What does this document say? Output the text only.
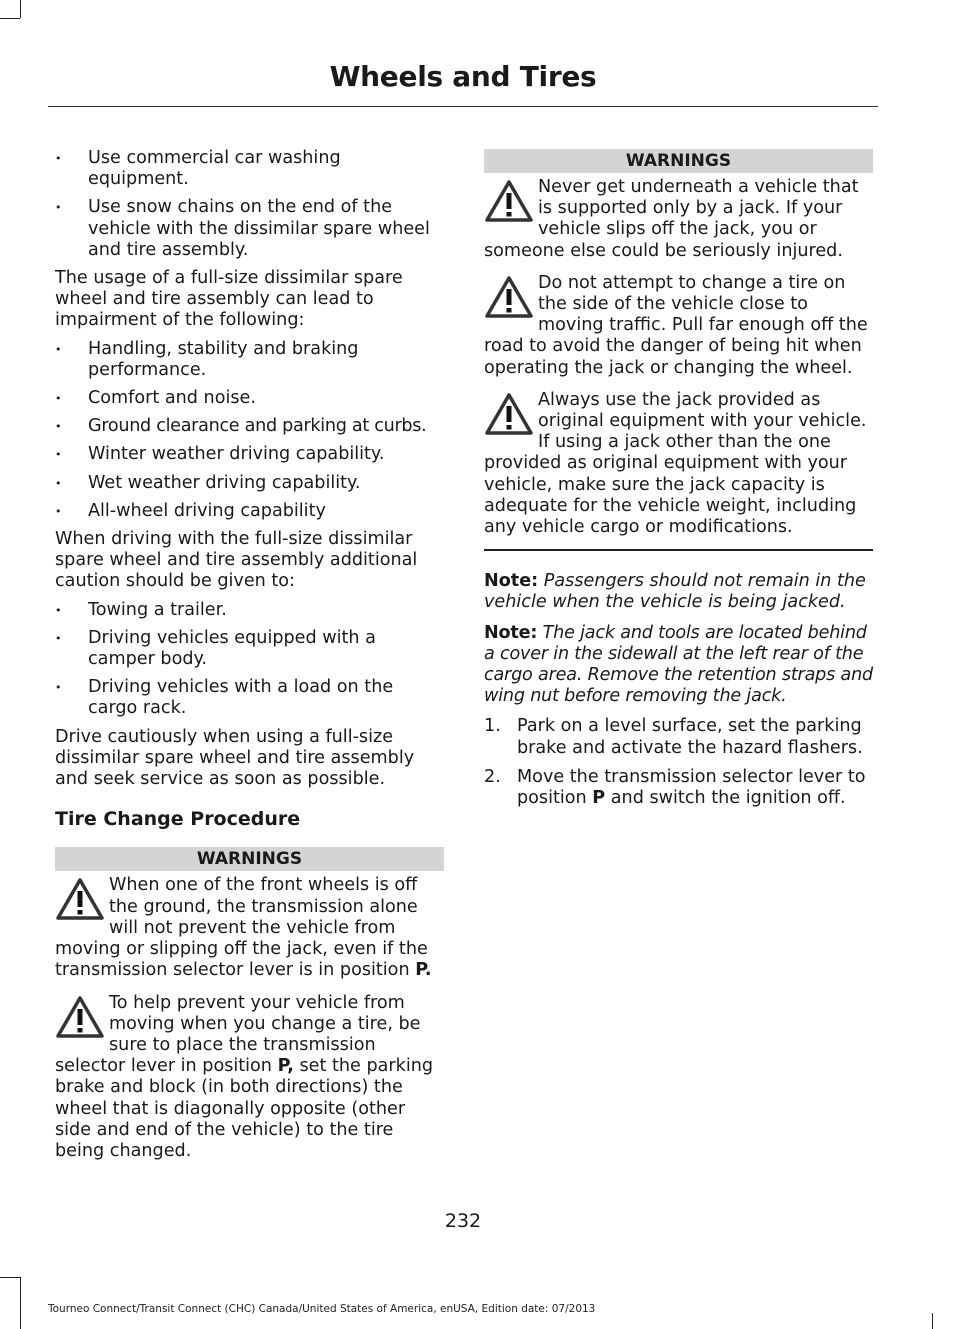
Wheels and Tires
• Use commercial car washing equipment.
• Use snow chains on the end of the vehicle with the dissimilar spare wheel and tire assembly.

The usage of a full-size dissimilar spare wheel and tire assembly can lead to impairment of the following:

• Handling, stability and braking performance.
• Comfort and noise.
• Ground clearance and parking at curbs.
• Winter weather driving capability.
• Wet weather driving capability.
• All-wheel driving capability

When driving with the full-size dissimilar spare wheel and tire assembly additional caution should be given to:

• Towing a trailer.
• Driving vehicles equipped with a camper body.
• Driving vehicles with a load on the cargo rack.

Drive cautiously when using a full-size dissimilar spare wheel and tire assembly and seek service as soon as possible.

Tire Change Procedure
WARNINGS
When one of the front wheels is off the ground, the transmission alone will not prevent the vehicle from moving or slipping off the jack, even if the transmission selector lever is in position P.
To help prevent your vehicle from moving when you change a tire, be sure to place the transmission selector lever in position P, set the parking brake and block (in both directions) the wheel that is diagonally opposite (other side and end of the vehicle) to the tire being changed.
WARNINGS
Never get underneath a vehicle that is supported only by a jack. If your vehicle slips off the jack, you or someone else could be seriously injured.
Do not attempt to change a tire on the side of the vehicle close to moving traffic. Pull far enough off the road to avoid the danger of being hit when operating the jack or changing the wheel.
Always use the jack provided as original equipment with your vehicle. If using a jack other than the one provided as original equipment with your vehicle, make sure the jack capacity is adequate for the vehicle weight, including any vehicle cargo or modifications.

Note: Passengers should not remain in the vehicle when the vehicle is being jacked.

Note: The jack and tools are located behind a cover in the sidewall at the left rear of the cargo area. Remove the retention straps and wing nut before removing the jack.

1. Park on a level surface, set the parking brake and activate the hazard flashers.
2. Move the transmission selector lever to position P and switch the ignition off.
232
Tourneo Connect/Transit Connect (CHC) Canada/United States of America, enUSA, Edition date: 07/2013
